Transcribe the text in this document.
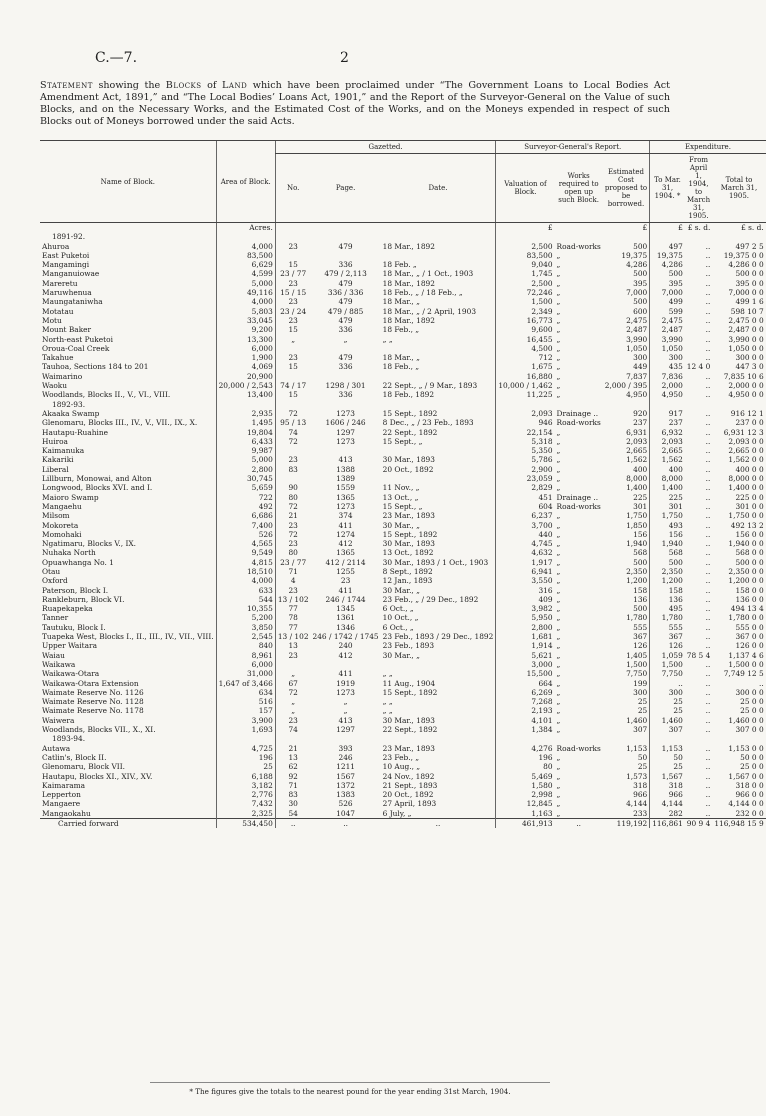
C.—7.	2
Statement showing the Blocks of Land which have been proclaimed under “The Government Loans to Local Bodies Act Amendment Act, 1891,” and “The Local Bodies’ Loans Act, 1901,” and the Report of the Surveyor-General on the Value of such Blocks, and on the Necessary Works, and the Estimated Cost of the Works, and on the Moneys expended in respect of such Blocks out of Moneys borrowed under the said Acts.
Name of Block.	Area of Block.	Gazetted.			Surveyor-General's Report.			Expenditure.		
		No.	Page.	Date.	Valuation of Block.	Works required to open up such Block.	Estimated Cost proposed to be borrowed.	To Mar. 31, 1904. *	From April 1, 1904, to March 31, 1905.	Total to March 31, 1905.
	Acres.				£		£	£	£ s. d.	£ s. d.
1891-92.										
Ahuroa	4,000	23	479	18 Mar., 1892	2,500	Road-works	500	497	..	497 2 5
East Puketoi	83,500				83,500	„	19,375	19,375	..	19,375 0 0
Mangamingi	6,629	15	336	18 Feb. „	9,040	„	4,286	4,286	..	4,286 0 0
Manganuiowae	4,599	23 / 77	479 / 2,113	18 Mar., „ / 1 Oct., 1903	1,745	„	500	500	..	500 0 0
Mareretu	5,000	23	479	18 Mar., 1892	2,500	„	395	395	..	395 0 0
Maruwhenua	49,116	15 / 15	336 / 336	18 Feb., „ / 18 Feb., „	72,246	„	7,000	7,000	..	7,000 0 0
Maungataniwha	4,000	23	479	18 Mar., „	1,500	„	500	499	..	499 1 6
Motatau	5,803	23 / 24	479 / 885	18 Mar., „ / 2 April, 1903	2,349	„	600	599	..	598 10 7
Motu	33,045	23	479	18 Mar., 1892	16,773	„	2,475	2,475	..	2,475 0 0
Mount Baker	9,200	15	336	18 Feb., „	9,600	„	2,487	2,487	..	2,487 0 0
North-east Puketoi	13,300	„	„	„ „	16,455	„	3,990	3,990	..	3,990 0 0
Oroua-Coal Creek	6,000				4,500	„	1,050	1,050	..	1,050 0 0
Takahue	1,900	23	479	18 Mar., „	712	„	300	300	..	300 0 0
Tauhoa, Sections 184 to 201	4,069	15	336	18 Feb., „	1,675	„	449	435	12 4 0	447 3 0
Waimarino	20,900				16,880	„	7,837	7,836	..	7,835 10 6
Waoku	20,000 / 2,543	74 / 17	1298 / 301	22 Sept., „ / 9 Mar., 1893	10,000 / 1,462	„	2,000 / 395	2,000	..	2,000 0 0
Woodlands, Blocks II., V., VI., VIII.	13,400	15	336	18 Feb., 1892	11,225	„	4,950	4,950	..	4,950 0 0
1892-93.										
Akaaka Swamp	2,935	72	1273	15 Sept., 1892	2,093	Drainage ..	920	917	..	916 12 1
Glenomaru, Blocks III., IV., V., VII., IX., X.	1,495	95 / 13	1606 / 246	8 Dec., „ / 23 Feb., 1893	946	Road-works	237	237	..	237 0 0
Hautapu-Ruahine	19,804	74	1297	22 Sept., 1892	22,154	„	6,931	6,932	..	6,931 12 3
Huiroa	6,433	72	1273	15 Sept., „	5,318	„	2,093	2,093	..	2,093 0 0
Kaimanuka	9,987				5,350	„	2,665	2,665	..	2,665 0 0
Kakariki	5,000	23	413	30 Mar., 1893	5,786	„	1,562	1,562	..	1,562 0 0
Liberal	2,800	83	1388	20 Oct., 1892	2,900	„	400	400	..	400 0 0
Lillburn, Monowai, and Alton	30,745		1389		23,059	„	8,000	8,000	..	8,000 0 0
Longwood, Blocks XVI. and I.	5,659	90	1559	11 Nov., „	2,829	„	1,400	1,400	..	1,400 0 0
Maioro Swamp	722	80	1365	13 Oct., „	451	Drainage ..	225	225	..	225 0 0
Mangaehu	492	72	1273	15 Sept., „	604	Road-works	301	301	..	301 0 0
Milsom	6,686	21	374	23 Mar., 1893	6,237	„	1,750	1,750	..	1,750 0 0
Mokoreta	7,400	23	411	30 Mar., „	3,700	„	1,850	493	..	492 13 2
Momohaki	526	72	1274	15 Sept., 1892	440	„	156	156	..	156 0 0
Ngatimaru, Blocks V., IX.	4,565	23	412	30 Mar., 1893	4,745	„	1,940	1,940	..	1,940 0 0
Nuhaka North	9,549	80	1365	13 Oct., 1892	4,632	„	568	568	..	568 0 0
Opuawhanga No. 1	4,815	23 / 77	412 / 2114	30 Mar., 1893 / 1 Oct., 1903	1,917	„	500	500	..	500 0 0
Otau	18,510	71	1255	8 Sept., 1892	6,941	„	2,350	2,350	..	2,350 0 0
Oxford	4,000	4	23	12 Jan., 1893	3,550	„	1,200	1,200	..	1,200 0 0
Paterson, Block I.	633	23	411	30 Mar., „	316	„	158	158	..	158 0 0
Rankleburn, Block VI.	544	13 / 102	246 / 1744	23 Feb., „ / 29 Dec., 1892	409	„	136	136	..	136 0 0
Ruapekapeka	10,355	77	1345	6 Oct., „	3,982	„	500	495	..	494 13 4
Tanner	5,200	78	1361	10 Oct., „	5,950	„	1,780	1,780	..	1,780 0 0
Tautuku, Block I.	3,850	77	1346	6 Oct., „	2,800	„	555	555	..	555 0 0
Tuapeka West, Blocks I., II., III., IV., VII., VIII.	2,545	13 / 102	246 / 1742 / 1745	23 Feb., 1893 / 29 Dec., 1892	1,681	„	367	367	..	367 0 0
Upper Waitara	840	13	240	23 Feb., 1893	1,914	„	126	126	..	126 0 0
Waiau	8,961	23	412	30 Mar., „	5,621	„	1,405	1,059	78 5 4	1,137 4 6
Waikawa	6,000				3,000	„	1,500	1,500	..	1,500 0 0
Waikawa-Otara	31,000	„	411	„ „	15,500	„	7,750	7,750	..	7,749 12 5
Waikawa-Otara Extension	1,647 of 3,466	67	1919	11 Aug., 1904	664	„	199	..	..	..
Waimate Reserve No. 1126	634	72	1273	15 Sept., 1892	6,269	„	300	300	..	300 0 0
Waimate Reserve No. 1128	516	„	„	„ „	7,268	„	25	25	..	25 0 0
Waimate Reserve No. 1178	157	„	„	„ „	2,193	„	25	25	..	25 0 0
Waiwera	3,900	23	413	30 Mar., 1893	4,101	„	1,460	1,460	..	1,460 0 0
Woodlands, Blocks VII., X., XI.	1,693	74	1297	22 Sept., 1892	1,384	„	307	307	..	307 0 0
1893-94.										
Autawa	4,725	21	393	23 Mar., 1893	4,276	Road-works	1,153	1,153	..	1,153 0 0
Catlin's, Block II.	196	13	246	23 Feb., „	196	„	50	50	..	50 0 0
Glenomaru, Block VII.	25	62	1211	10 Aug., „	80	„	25	25	..	25 0 0
Hautapu, Blocks XI., XIV., XV.	6,188	92	1567	24 Nov., 1892	5,469	„	1,573	1,567	..	1,567 0 0
Kaimarama	3,182	71	1372	21 Sept., 1893	1,580	„	318	318	..	318 0 0
Lepperton	2,776	83	1383	20 Oct., 1892	2,998	„	966	966	..	966 0 0
Mangaere	7,432	30	526	27 April, 1893	12,845	„	4,144	4,144	..	4,144 0 0
Mangaokahu	2,325	54	1047	6 July, „	1,163	„	233	282	..	232 0 0
Carried forward	534,450	..	..	..	461,913	..	119,192	116,861	90 9 4	116,948 15 9
* The figures give the totals to the nearest pound for the year ending 31st March, 1904.
